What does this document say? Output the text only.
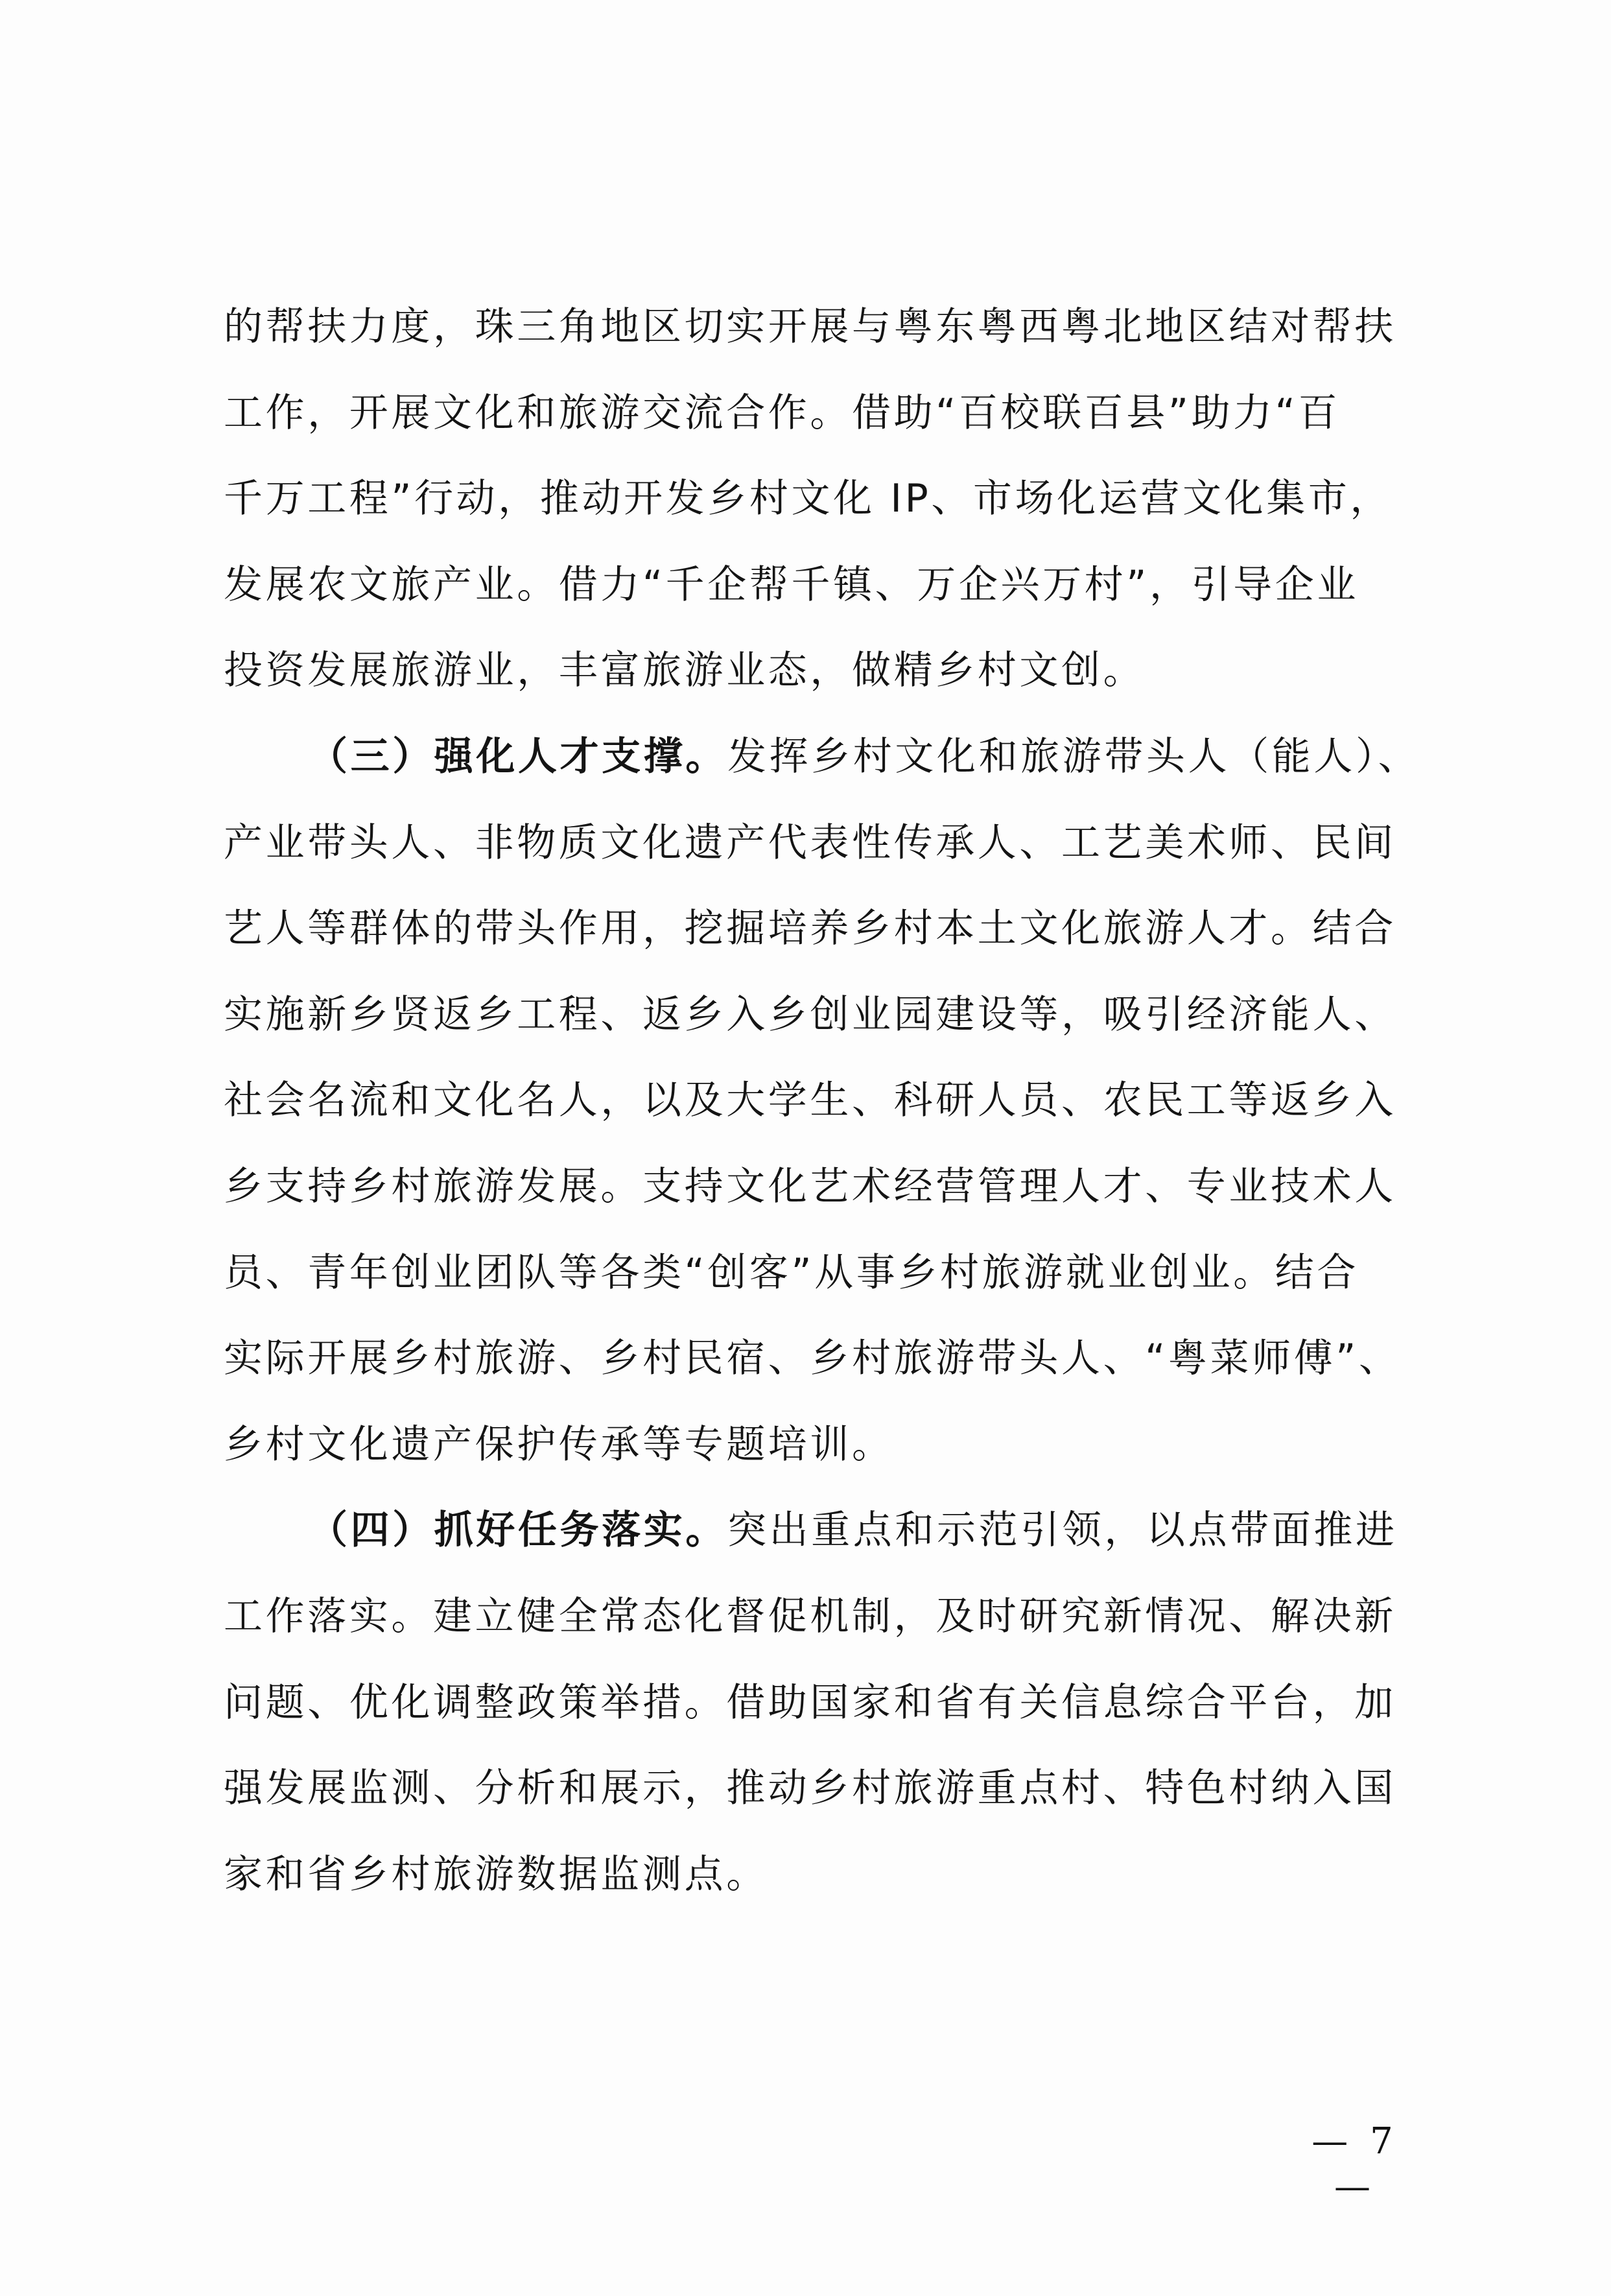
的帮扶力度，珠三角地区切实开展与粤东粤西粤北地区结对帮扶
工作，开展文化和旅游交流合作。借助“百校联百县”助力“百
千万工程”行动，推动开发乡村文化 IP、市场化运营文化集市，
发展农文旅产业。借力“千企帮千镇、万企兴万村”，引导企业
投资发展旅游业，丰富旅游业态，做精乡村文创。
（三）强化人才支撑。发挥乡村文化和旅游带头人（能人）、
产业带头人、非物质文化遗产代表性传承人、工艺美术师、民间
艺人等群体的带头作用，挖掘培养乡村本土文化旅游人才。结合
实施新乡贤返乡工程、返乡入乡创业园建设等，吸引经济能人、
社会名流和文化名人，以及大学生、科研人员、农民工等返乡入
乡支持乡村旅游发展。支持文化艺术经营管理人才、专业技术人
员、青年创业团队等各类“创客”从事乡村旅游就业创业。结合
实际开展乡村旅游、乡村民宿、乡村旅游带头人、“粤菜师傅”、
乡村文化遗产保护传承等专题培训。
（四）抓好任务落实。突出重点和示范引领，以点带面推进
工作落实。建立健全常态化督促机制，及时研究新情况、解决新
问题、优化调整政策举措。借助国家和省有关信息综合平台，加
强发展监测、分析和展示，推动乡村旅游重点村、特色村纳入国
家和省乡村旅游数据监测点。
— 7 —
